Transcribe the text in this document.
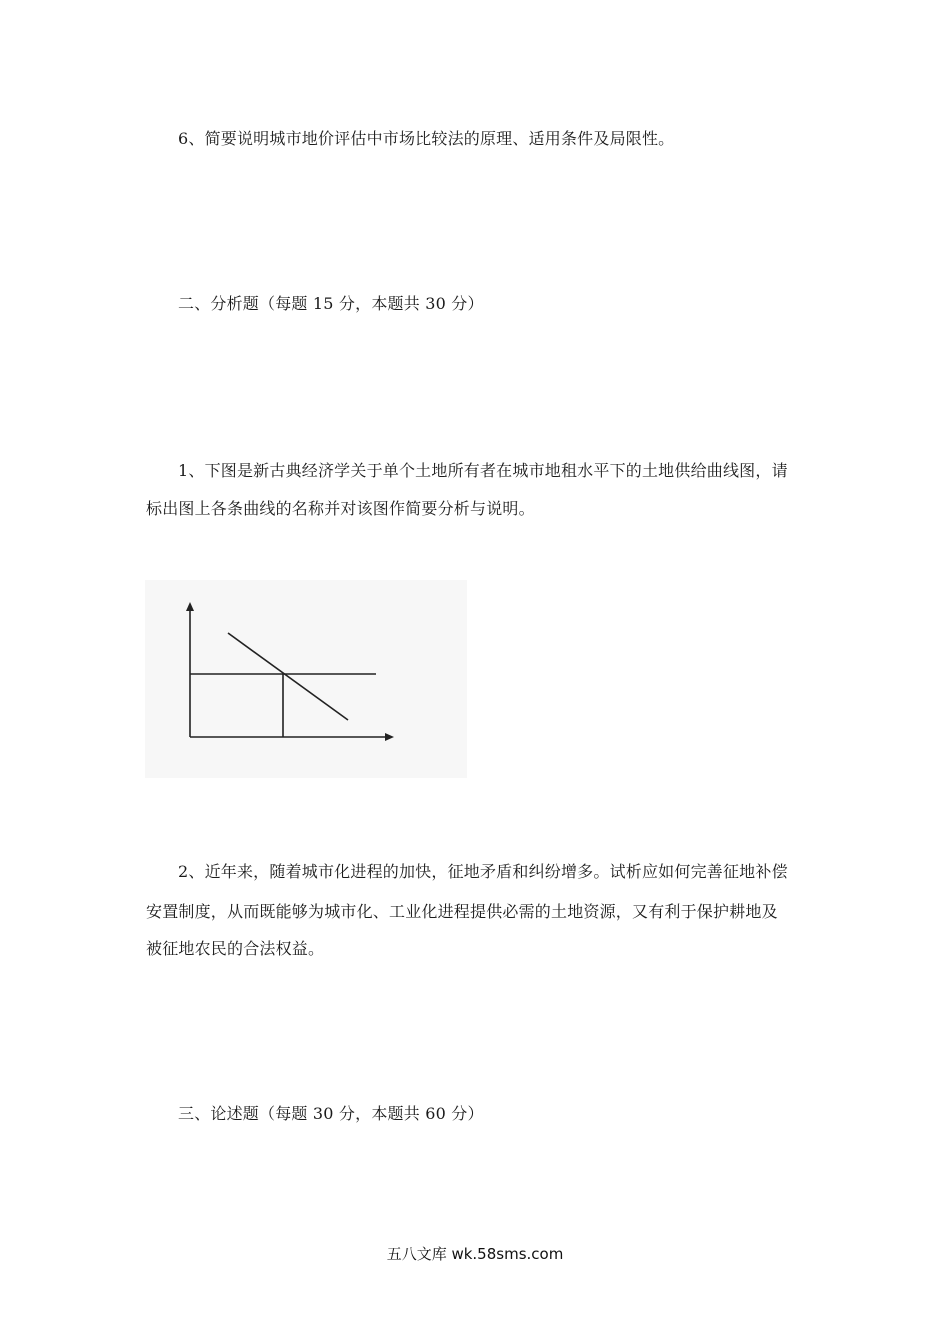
6、简要说明城市地价评估中市场比较法的原理、适用条件及局限性。
二、分析题（每题 15 分，本题共 30 分）
1、下图是新古典经济学关于单个土地所有者在城市地租水平下的土地供给曲线图，请
标出图上各条曲线的名称并对该图作简要分析与说明。
2、近年来，随着城市化进程的加快，征地矛盾和纠纷增多。试析应如何完善征地补偿
安置制度，从而既能够为城市化、工业化进程提供必需的土地资源，又有利于保护耕地及
被征地农民的合法权益。
三、论述题（每题 30 分，本题共 60 分）
五八文库 wk.58sms.com
